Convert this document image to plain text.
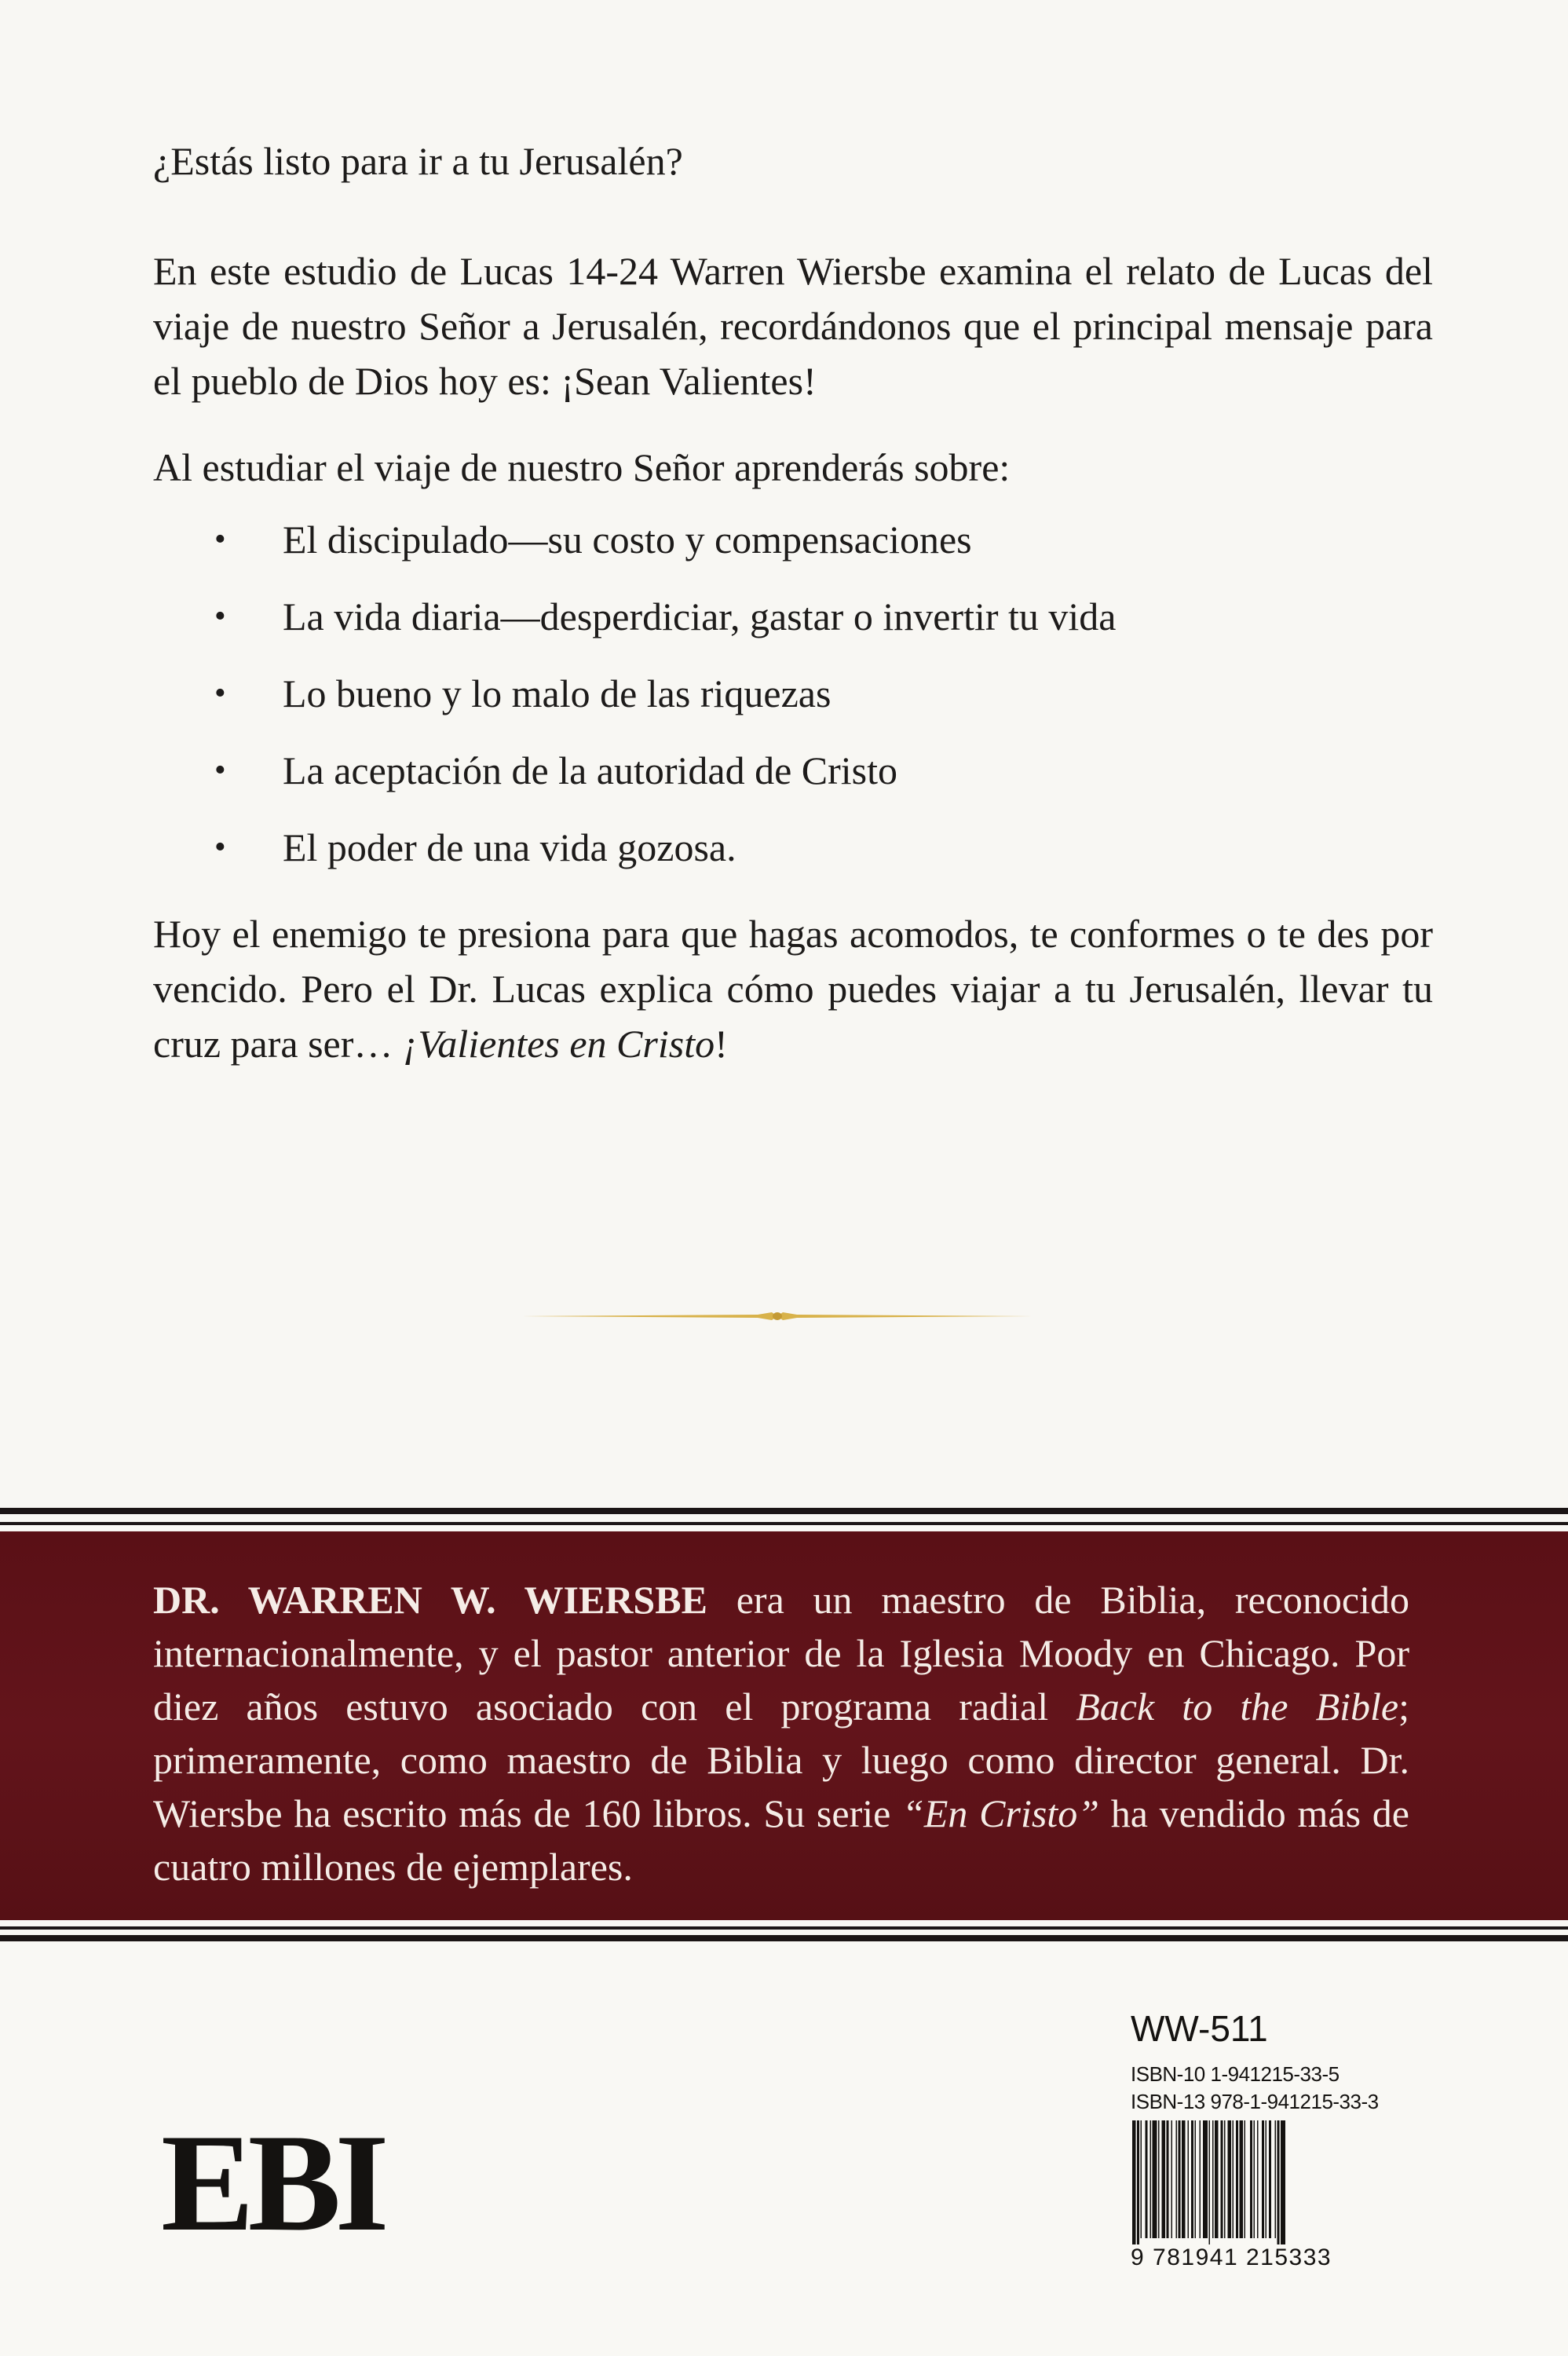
¿Estás listo para ir a tu Jerusalén?

En este estudio de Lucas 14-24 Warren Wiersbe examina el relato de Lucas del viaje de nuestro Señor a Jerusalén, recordándonos que el principal mensaje para el pueblo de Dios hoy es: ¡Sean Valientes!

Al estudiar el viaje de nuestro Señor aprenderás sobre:

• El discipulado—su costo y compensaciones
• La vida diaria—desperdiciar, gastar o invertir tu vida
• Lo bueno y lo malo de las riquezas
• La aceptación de la autoridad de Cristo
• El poder de una vida gozosa.

Hoy el enemigo te presiona para que hagas acomodos, te conformes o te des por vencido. Pero el Dr. Lucas explica cómo puedes viajar a tu Jerusalén, llevar tu cruz para ser… ¡Valientes en Cristo!

DR. WARREN W. WIERSBE era un maestro de Biblia, reconocido internacionalmente, y el pastor anterior de la Iglesia Moody en Chicago. Por diez años estuvo asociado con el programa radial Back to the Bible; primeramente, como maestro de Biblia y luego como director general. Dr. Wiersbe ha escrito más de 160 libros. Su serie “En Cristo” ha vendido más de cuatro millones de ejemplares.

EBI
WW-511
ISBN-10 1-941215-33-5
ISBN-13 978-1-941215-33-3
9 781941 215333
